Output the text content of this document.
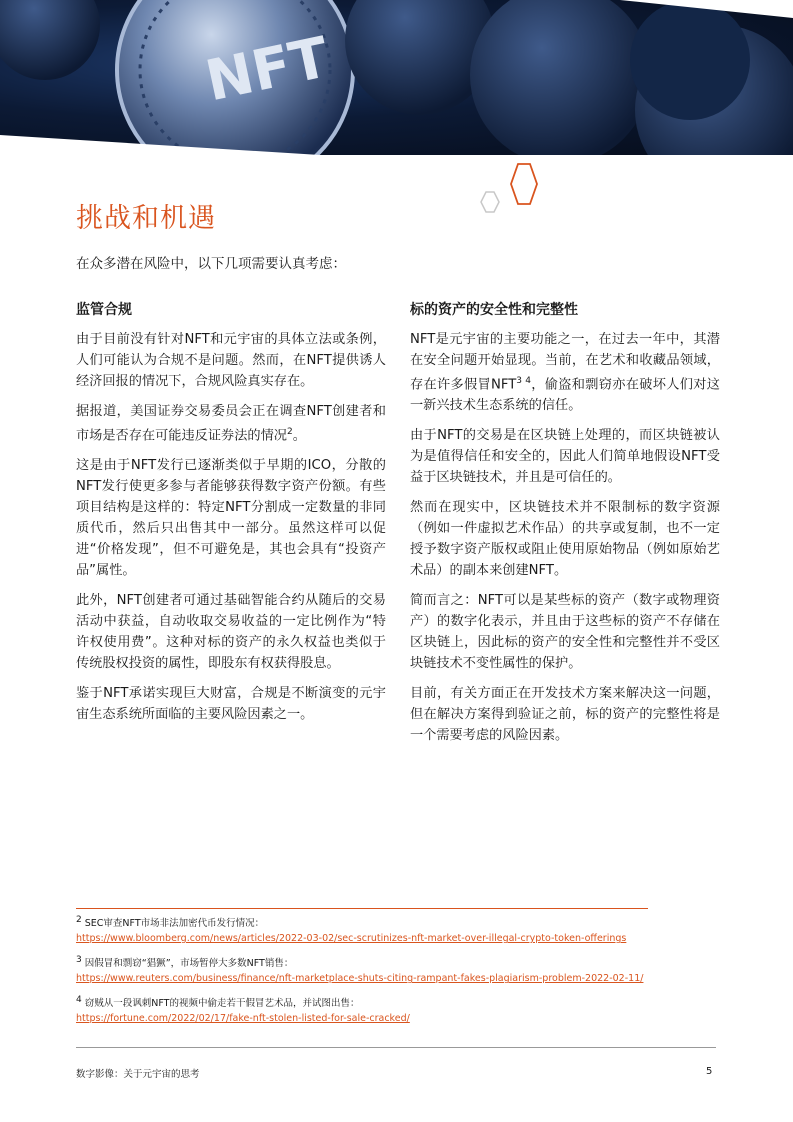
NFT
挑战和机遇
在众多潜在风险中，以下几项需要认真考虑：
监管合规

由于目前没有针对NFT和元宇宙的具体立法或条例，人们可能认为合规不是问题。然而，在NFT提供诱人经济回报的情况下，合规风险真实存在。

据报道，美国证券交易委员会正在调查NFT创建者和市场是否存在可能违反证券法的情况$^2$。

这是由于NFT发行已逐渐类似于早期的ICO，分散的NFT发行使更多参与者能够获得数字资产份额。有些项目结构是这样的：特定NFT分割成一定数量的非同质代币，然后只出售其中一部分。虽然这样可以促进“价格发现”，但不可避免是，其也会具有“投资产品”属性。

此外，NFT创建者可通过基础智能合约从随后的交易活动中获益，自动收取交易收益的一定比例作为“特许权使用费”。这种对标的资产的永久权益也类似于传统股权投资的属性，即股东有权获得股息。

鉴于NFT承诺实现巨大财富，合规是不断演变的元宇宙生态系统所面临的主要风险因素之一。

标的资产的安全性和完整性

NFT是元宇宙的主要功能之一，在过去一年中，其潜在安全问题开始显现。当前，在艺术和收藏品领域，存在许多假冒$NFT^{3 4}$，偷盗和剽窃亦在破坏人们对这一新兴技术生态系统的信任。

由于NFT的交易是在区块链上处理的，而区块链被认为是值得信任和安全的，因此人们简单地假设NFT受益于区块链技术，并且是可信任的。

然而在现实中，区块链技术并不限制标的数字资源（例如一件虚拟艺术作品）的共享或复制，也不一定授予数字资产版权或阻止使用原始物品（例如原始艺术品）的副本来创建NFT。

简而言之：NFT可以是某些标的资产（数字或物理资产）的数字化表示，并且由于这些标的资产不存储在区块链上，因此标的资产的安全性和完整性并不受区块链技术不变性属性的保护。

目前，有关方面正在开发技术方案来解决这一问题，但在解决方案得到验证之前，标的资产的完整性将是一个需要考虑的风险因素。

$^2$ SEC审查NFT市场非法加密代币发行情况：
https://www.bloomberg.com/news/articles/2022-03-02/sec-scrutinizes-nft-market-over-illegal-crypto-token-offerings
$^3$ 因假冒和剽窃“猖獗”，市场暂停大多数NFT销售：
https://www.reuters.com/business/finance/nft-marketplace-shuts-citing-rampant-fakes-plagiarism-problem-2022-02-11/
$^4$ 窃贼从一段讽刺NFT的视频中偷走若干假冒艺术品，并试图出售：
https://fortune.com/2022/02/17/fake-nft-stolen-listed-for-sale-cracked/
数字影像：关于元宇宙的思考	5
